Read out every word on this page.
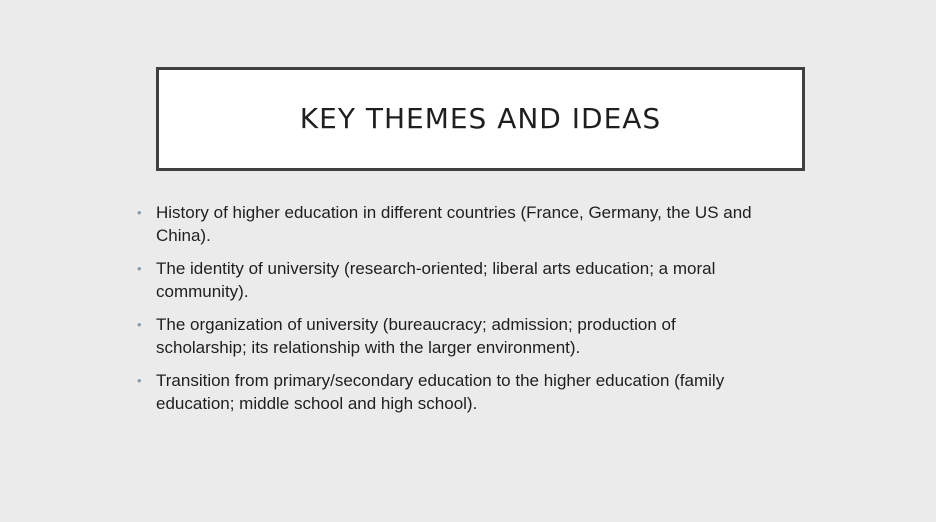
KEY THEMES AND IDEAS
• History of higher education in different countries (France, Germany, the US and China).
• The identity of university (research-oriented; liberal arts education; a moral community).
• The organization of university (bureaucracy; admission; production of scholarship; its relationship with the larger environment).
• Transition from primary/secondary education to the higher education (family education; middle school and high school).
